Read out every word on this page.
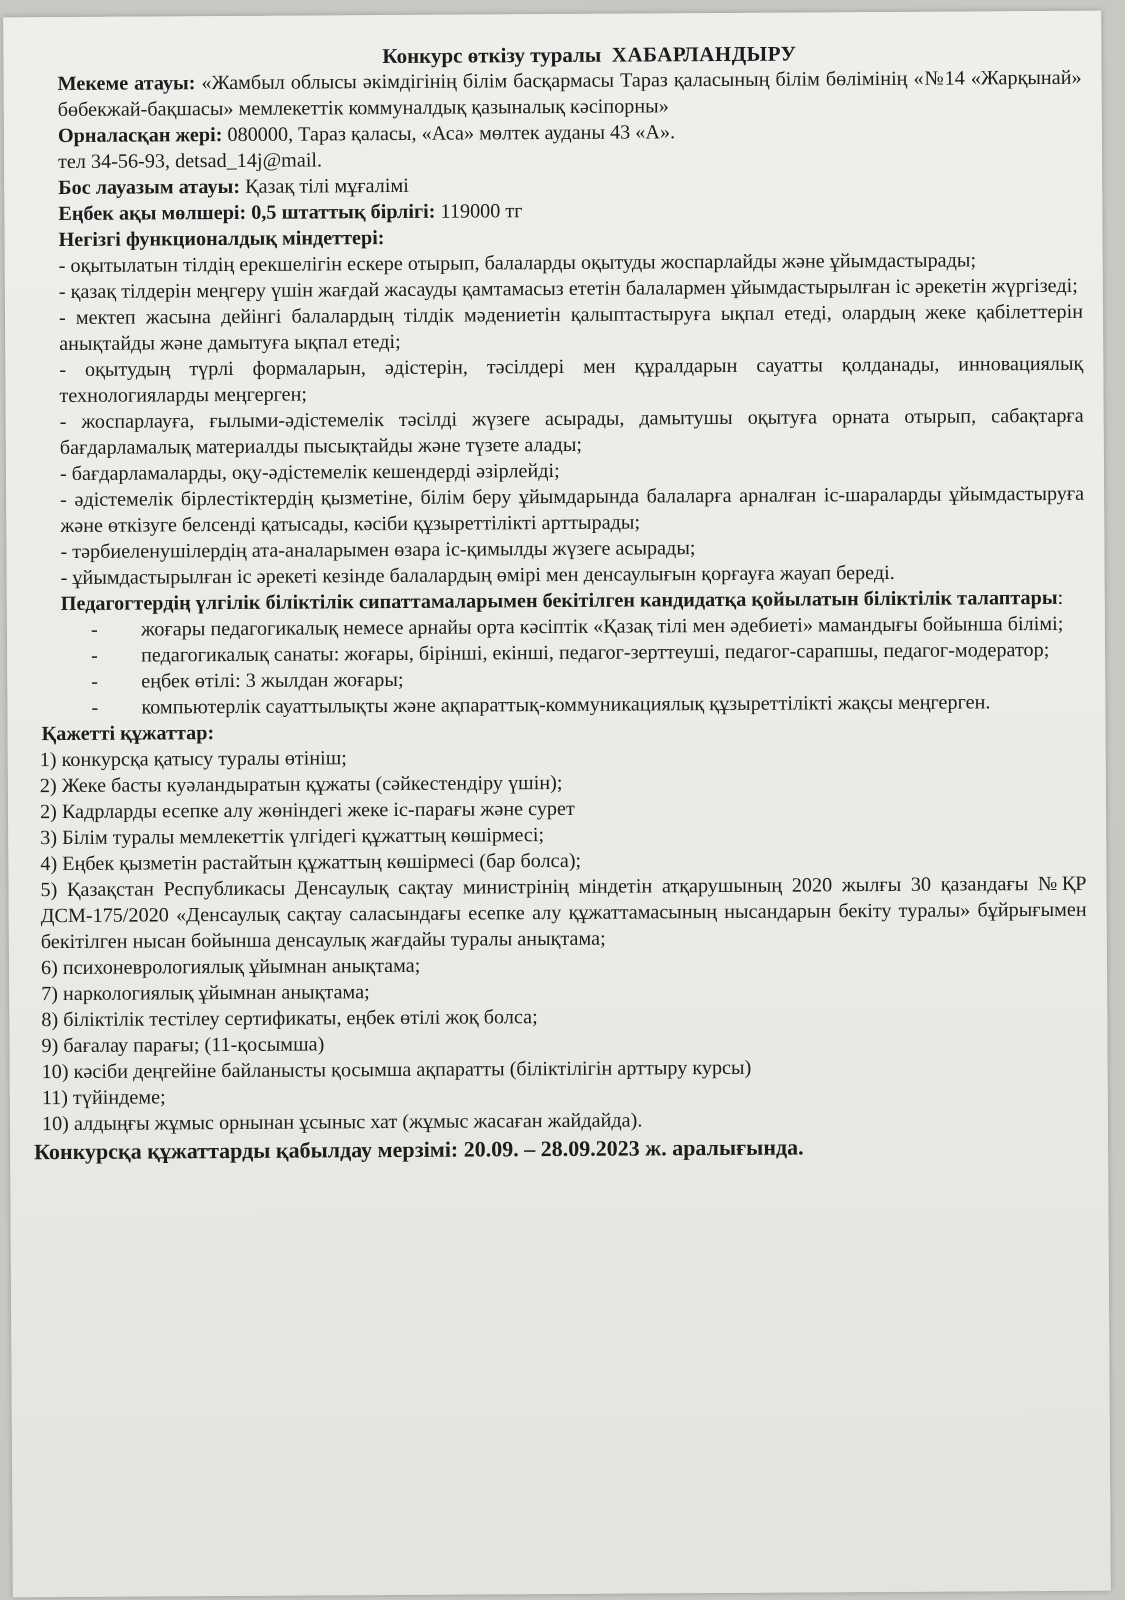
Конкурс өткізу туралы ХАБАРЛАНДЫРУ
Мекеме атауы: «Жамбыл облысы әкімдігінің білім басқармасы Тараз қаласының білім бөлімінің «№14 «Жарқынай» бөбекжай-бақшасы» мемлекеттік коммуналдық қазыналық кәсіпорны»
Орналасқан жері: 080000, Тараз қаласы, «Аса» мөлтек ауданы 43 «А».
тел 34-56-93, detsad_14j@mail.
Бос лауазым атауы: Қазақ тілі мұғалімі
Еңбек ақы мөлшері: 0,5 штаттық бірлігі: 119000 тг
Негізгі функционалдық міндеттері:
- оқытылатын тілдің ерекшелігін ескере отырып, балаларды оқытуды жоспарлайды және ұйымдастырады;
- қазақ тілдерін меңгеру үшін жағдай жасауды қамтамасыз ететін балалармен ұйымдастырылған іс әрекетін жүргізеді;
- мектеп жасына дейінгі балалардың тілдік мәдениетін қалыптастыруға ықпал етеді, олардың жеке қабілеттерін анықтайды және дамытуға ықпал етеді;
- оқытудың түрлі формаларын, әдістерін, тәсілдері мен құралдарын сауатты қолданады, инновациялық технологияларды меңгерген;
- жоспарлауға, ғылыми-әдістемелік тәсілді жүзеге асырады, дамытушы оқытуға орната отырып, сабақтарға бағдарламалық материалды пысықтайды және түзете алады;
- бағдарламаларды, оқу-әдістемелік кешендерді әзірлейді;
- әдістемелік бірлестіктердің қызметіне, білім беру ұйымдарында балаларға арналған іс-шараларды ұйымдастыруға және өткізуге белсенді қатысады, кәсіби құзыреттілікті арттырады;
- тәрбиеленушілердің ата-аналарымен өзара іс-қимылды жүзеге асырады;
- ұйымдастырылған іс әрекеті кезінде балалардың өмірі мен денсаулығын қорғауға жауап береді.
Педагогтердің үлгілік біліктілік сипаттамаларымен бекітілген кандидатқа қойылатын біліктілік талаптары:
- жоғары педагогикалық немесе арнайы орта кәсіптік «Қазақ тілі мен әдебиеті» мамандығы бойынша білімі;
- педагогикалық санаты: жоғары, бірінші, екінші, педагог-зерттеуші, педагог-сарапшы, педагог-модератор;
- еңбек өтілі: 3 жылдан жоғары;
- компьютерлік сауаттылықты және ақпараттық-коммуникациялық құзыреттілікті жақсы меңгерген.
Қажетті құжаттар:
1) конкурсқа қатысу туралы өтініш;
2) Жеке басты куәландыратын құжаты (сәйкестендіру үшін);
2) Кадрларды есепке алу жөніндегі жеке іс-парағы және сурет
3) Білім туралы мемлекеттік үлгідегі құжаттың көшірмесі;
4) Еңбек қызметін растайтын құжаттың көшірмесі (бар болса);
5) Қазақстан Республикасы Денсаулық сақтау министрінің міндетін атқарушының 2020 жылғы 30 қазандағы №ҚР ДСМ-175/2020 «Денсаулық сақтау саласындағы есепке алу құжаттамасының нысандарын бекіту туралы» бұйрығымен бекітілген нысан бойынша денсаулық жағдайы туралы анықтама;
6) психоневрологиялық ұйымнан анықтама;
7) наркологиялық ұйымнан анықтама;
8) біліктілік тестілеу сертификаты, еңбек өтілі жоқ болса;
9) бағалау парағы; (11-қосымша)
10) кәсіби деңгейіне байланысты қосымша ақпаратты (біліктілігін арттыру курсы)
11) түйіндеме;
10) алдыңғы жұмыс орнынан ұсыныс хат (жұмыс жасаған жайдайда).
Конкурсқа құжаттарды қабылдау мерзімі: 20.09. – 28.09.2023 ж. аралығында.
